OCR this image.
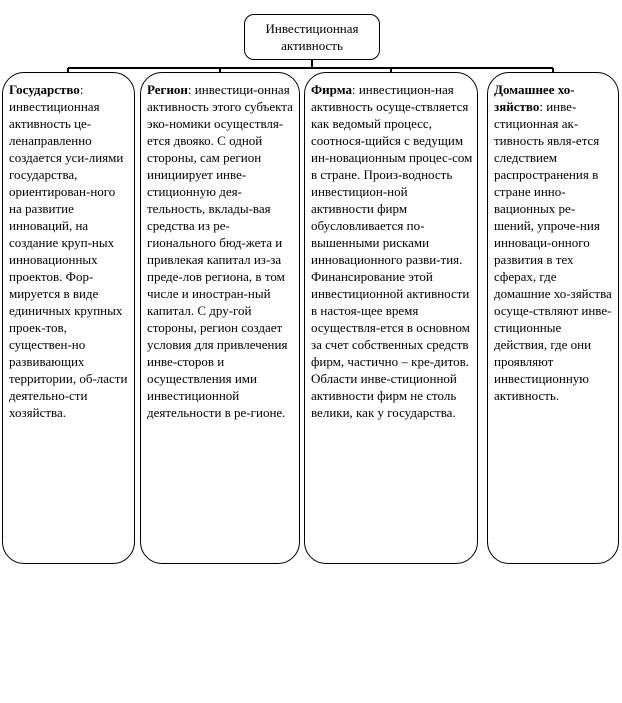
Инвестиционная активность
Государство: инвестиционная активность це-ленаправленно создается уси-лиями государства, ориентирован-ного на развитие инноваций, на создание круп-ных инновационных проектов. Фор-мируется в виде единичных крупных проек-тов, существен-но развивающих территории, об-ласти деятельно-сти хозяйства.
Регион: инвестици-онная активность этого субъекта эко-номики осуществля-ется двояко. С одной стороны, сам регион инициирует инве-стиционную дея-тельность, вклады-вая средства из ре-гионального бюд-жета и привлекая капитал из-за преде-лов региона, в том числе и иностран-ный капитал. С дру-гой стороны, регион создает условия для привлечения инве-сторов и осуществления ими инвестиционной деятельности в ре-гионе.
Фирма: инвестицион-ная активность осуще-ствляется как ведомый процесс, соотнося-щийся с ведущим ин-новационным процес-сом в стране. Произ-водность инвестицион-ной активности фирм обусловливается по-вышенными рисками инновационного разви-тия. Финансирование этой инвестиционной активности в настоя-щее время осуществля-ется в основном за счет собственных средств фирм, частично – кре-дитов. Области инве-стиционной активности фирм не столь велики, как у государства.
Домашнее хо-зяйство: инве-стиционная ак-тивность явля-ется следствием распространения в стране инно-вационных ре-шений, упроче-ния инноваци-онного развития в тех сферах, где домашние хо-зяйства осуще-ствляют инве-стиционные действия, где они проявляют инвестиционную активность.
